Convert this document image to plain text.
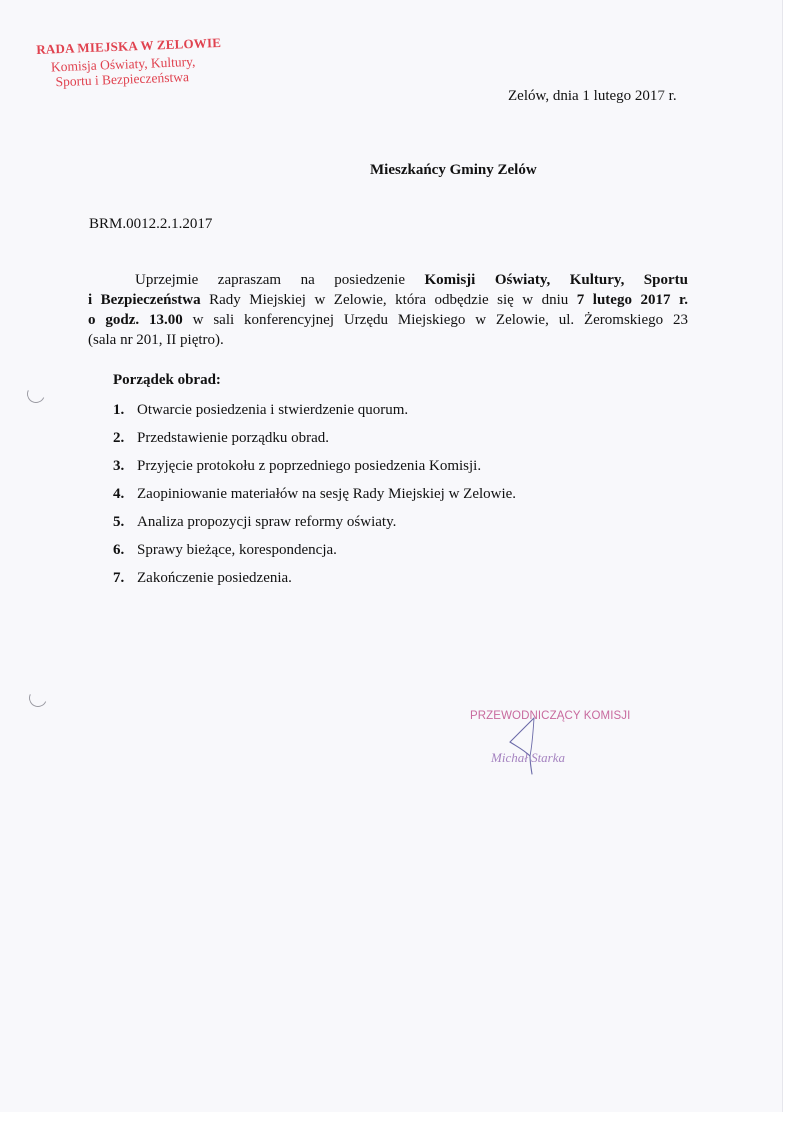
RADA MIEJSKA W ZELOWIE
Komisja Oświaty, Kultury,
Sportu i Bezpieczeństwa
Zelów, dnia 1 lutego 2017 r.
Mieszkańcy Gminy Zelów
BRM.0012.2.1.2017
Uprzejmie zapraszam na posiedzenie Komisji Oświaty, Kultury, Sportu
i Bezpieczeństwa Rady Miejskiej w Zelowie, która odbędzie się w dniu 7 lutego 2017 r.
o godz. 13.00 w sali konferencyjnej Urzędu Miejskiego w Zelowie, ul. Żeromskiego 23
(sala nr 201, II piętro).
Porządek obrad:
1. Otwarcie posiedzenia i stwierdzenie quorum.
2. Przedstawienie porządku obrad.
3. Przyjęcie protokołu z poprzedniego posiedzenia Komisji.
4. Zaopiniowanie materiałów na sesję Rady Miejskiej w Zelowie.
5. Analiza propozycji spraw reformy oświaty.
6. Sprawy bieżące, korespondencja.
7. Zakończenie posiedzenia.
PRZEWODNICZĄCY KOMISJI
Michał Starka
